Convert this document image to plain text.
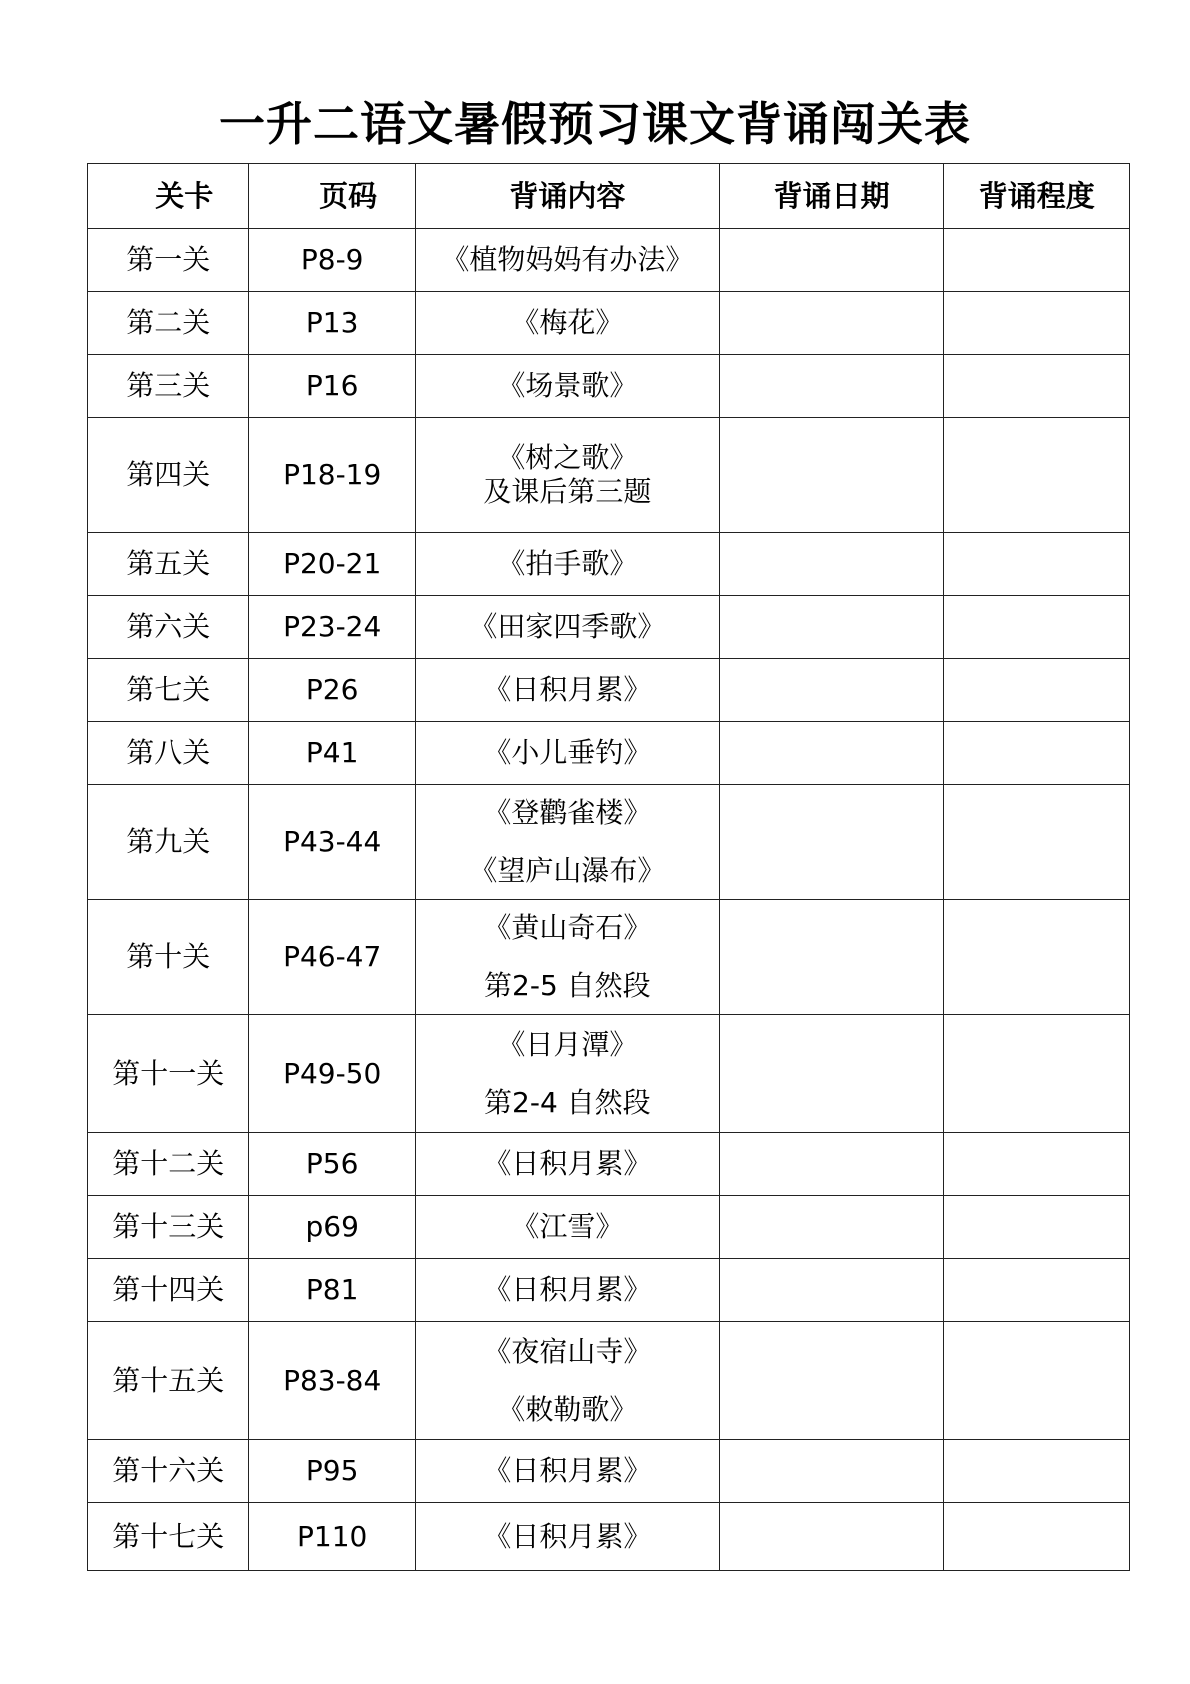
一升二语文暑假预习课文背诵闯关表
关卡	页码	背诵内容	背诵日期	背诵程度
第一关	P8-9	《植物妈妈有办法》		

第二关	P13	《梅花》		

第三关	P16	《场景歌》		

第四关	P18-19	《树之歌》
及课后第三题		

第五关	P20-21	《拍手歌》		

第六关	P23-24	《田家四季歌》		

第七关	P26	《日积月累》		

第八关	P41	《小儿垂钓》		

第九关	P43-44	《登鹳雀楼》
《望庐山瀑布》		

第十关	P46-47	《黄山奇石》
第2-5 自然段		

第十一关	P49-50	《日月潭》
第2-4 自然段		

第十二关	P56	《日积月累》		

第十三关	p69	《江雪》		

第十四关	P81	《日积月累》		

第十五关	P83-84	《夜宿山寺》
《敕勒歌》		

第十六关	P95	《日积月累》		

第十七关	P110	《日积月累》		
